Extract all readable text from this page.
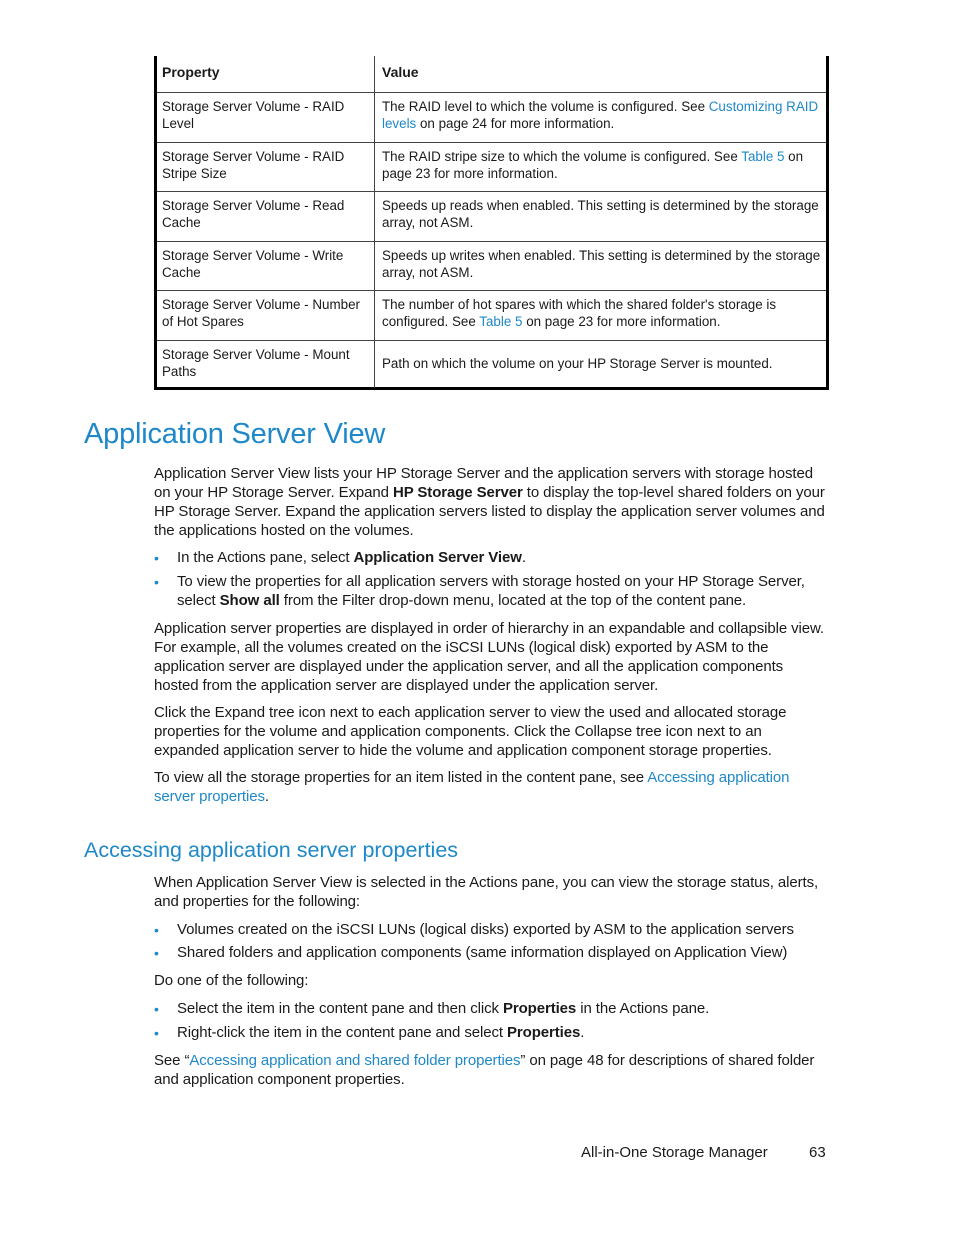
Property	Value
Storage Server Volume - RAID Level
The RAID level to which the volume is configured. See Customizing RAID levels on page 24 for more information.
Storage Server Volume - RAID Stripe Size
The RAID stripe size to which the volume is configured. See Table 5 on page 23 for more information.
Storage Server Volume - Read Cache
Speeds up reads when enabled. This setting is determined by the storage array, not ASM.
Storage Server Volume - Write Cache
Speeds up writes when enabled. This setting is determined by the storage array, not ASM.
Storage Server Volume - Number of Hot Spares
The number of hot spares with which the shared folder's storage is configured. See Table 5 on page 23 for more information.
Storage Server Volume - Mount Paths
Path on which the volume on your HP Storage Server is mounted.
Application Server View

Application Server View lists your HP Storage Server and the application servers with storage hosted on your HP Storage Server. Expand HP Storage Server to display the top-level shared folders on your HP Storage Server. Expand the application servers listed to display the application server volumes and the applications hosted on the volumes.

• In the Actions pane, select Application Server View.
• To view the properties for all application servers with storage hosted on your HP Storage Server, select Show all from the Filter drop-down menu, located at the top of the content pane.

Application server properties are displayed in order of hierarchy in an expandable and collapsible view. For example, all the volumes created on the iSCSI LUNs (logical disk) exported by ASM to the application server are displayed under the application server, and all the application components hosted from the application server are displayed under the application server.

Click the Expand tree icon next to each application server to view the used and allocated storage properties for the volume and application components. Click the Collapse tree icon next to an expanded application server to hide the volume and application component storage properties.

To view all the storage properties for an item listed in the content pane, see Accessing application server properties.

Accessing application server properties

When Application Server View is selected in the Actions pane, you can view the storage status, alerts, and properties for the following:

• Volumes created on the iSCSI LUNs (logical disks) exported by ASM to the application servers
• Shared folders and application components (same information displayed on Application View)

Do one of the following:

• Select the item in the content pane and then click Properties in the Actions pane.
• Right-click the item in the content pane and select Properties.

See “Accessing application and shared folder properties” on page 48 for descriptions of shared folder and application component properties.

All-in-One Storage Manager	63
